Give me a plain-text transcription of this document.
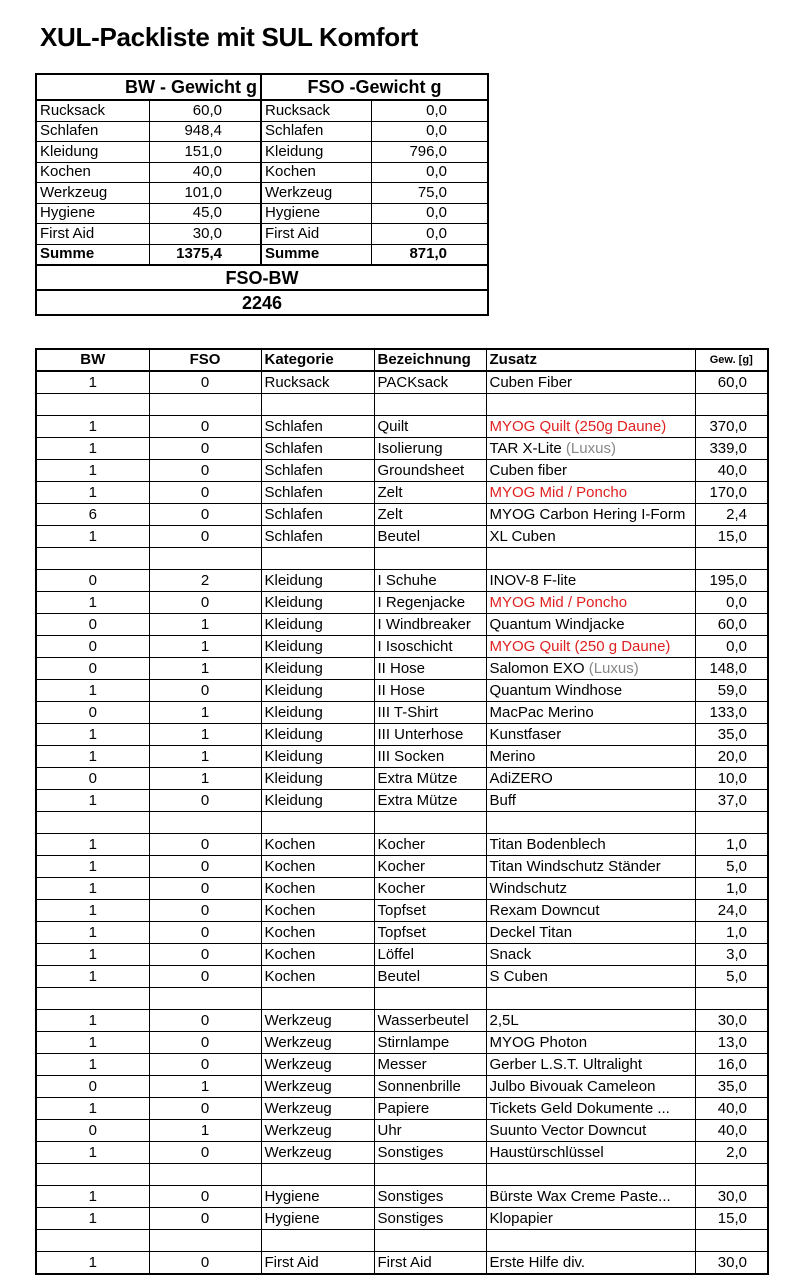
XUL-Packliste mit SUL Komfort
BW - Gewicht g		FSO -Gewicht g	
Rucksack	60,0	Rucksack	0,0
Schlafen	948,4	Schlafen	0,0
Kleidung	151,0	Kleidung	796,0
Kochen	40,0	Kochen	0,0
Werkzeug	101,0	Werkzeug	75,0
Hygiene	45,0	Hygiene	0,0
First Aid	30,0	First Aid	0,0
Summe	1375,4	Summe	871,0
FSO-BW			
2246			
BW	FSO	Kategorie	Bezeichnung	Zusatz	Gew. [g]
1	0	Rucksack	PACKsack	Cuben Fiber	60,0

1	0	Schlafen	Quilt	MYOG Quilt (250g Daune)	370,0
1	0	Schlafen	Isolierung	TAR X-Lite (Luxus)	339,0
1	0	Schlafen	Groundsheet	Cuben fiber	40,0
1	0	Schlafen	Zelt	MYOG Mid / Poncho	170,0
6	0	Schlafen	Zelt	MYOG Carbon Hering I-Form	2,4
1	0	Schlafen	Beutel	XL Cuben	15,0

0	2	Kleidung	I Schuhe	INOV-8 F-lite	195,0
1	0	Kleidung	I Regenjacke	MYOG Mid / Poncho	0,0
0	1	Kleidung	I Windbreaker	Quantum Windjacke	60,0
0	1	Kleidung	I Isoschicht	MYOG Quilt (250 g Daune)	0,0
0	1	Kleidung	II Hose	Salomon EXO (Luxus)	148,0
1	0	Kleidung	II Hose	Quantum Windhose	59,0
0	1	Kleidung	III T-Shirt	MacPac Merino	133,0
1	1	Kleidung	III Unterhose	Kunstfaser	35,0
1	1	Kleidung	III Socken	Merino	20,0
0	1	Kleidung	Extra Mütze	AdiZERO	10,0
1	0	Kleidung	Extra Mütze	Buff	37,0

1	0	Kochen	Kocher	Titan Bodenblech	1,0
1	0	Kochen	Kocher	Titan Windschutz Ständer	5,0
1	0	Kochen	Kocher	Windschutz	1,0
1	0	Kochen	Topfset	Rexam Downcut	24,0
1	0	Kochen	Topfset	Deckel Titan	1,0
1	0	Kochen	Löffel	Snack	3,0
1	0	Kochen	Beutel	S Cuben	5,0

1	0	Werkzeug	Wasserbeutel	2,5L	30,0
1	0	Werkzeug	Stirnlampe	MYOG Photon	13,0
1	0	Werkzeug	Messer	Gerber L.S.T. Ultralight	16,0
0	1	Werkzeug	Sonnenbrille	Julbo Bivouak Cameleon	35,0
1	0	Werkzeug	Papiere	Tickets Geld Dokumente ...	40,0
0	1	Werkzeug	Uhr	Suunto Vector Downcut	40,0
1	0	Werkzeug	Sonstiges	Haustürschlüssel	2,0

1	0	Hygiene	Sonstiges	Bürste Wax Creme Paste...	30,0
1	0	Hygiene	Sonstiges	Klopapier	15,0

1	0	First Aid	First Aid	Erste Hilfe div.	30,0
